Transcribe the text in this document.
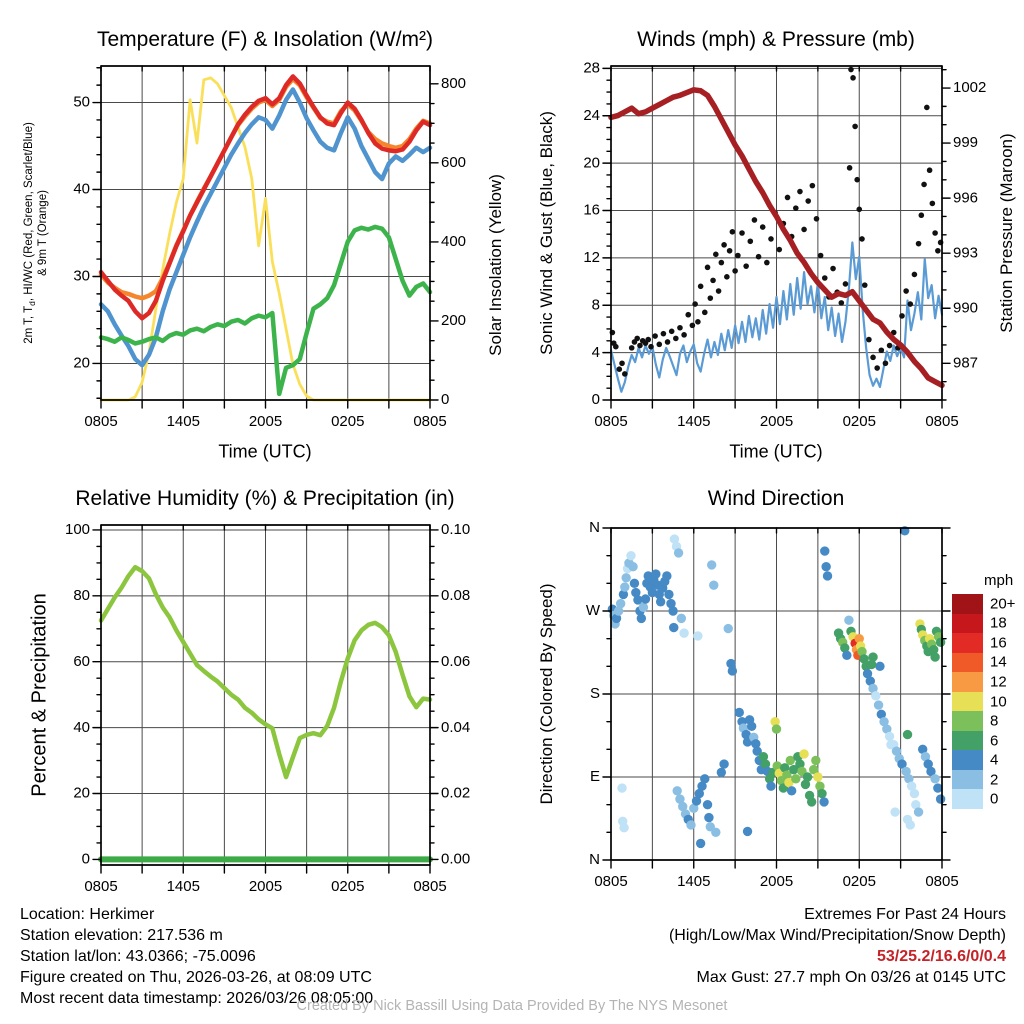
Temperature (F) & Insolation (W/m²)	Winds (mph) & Pressure (mb)
Relative Humidity (%) & Precipitation (in)	Wind Direction
Time (UTC)	Time (UTC)
2m T, $T_d$, HI/WC (Red, Green, Scarlet/Blue) & 9m T (Orange)	Solar Insolation (Yellow) Sonic Wind & Gust (Blue, Black)	Station Pressure (Maroon)
Percent & Precipitation	Direction (Colored By Speed)
mph
20+
18
16
14
12
10
8
6
4
2
0
Location: Herkimer
Station elevation: 217.536 m
Station lat/lon: 43.0366; -75.0096
Figure created on Thu, 2026-03-26, at 08:09 UTC
Most recent data timestamp: 2026/03/26 08:05:00
Extremes For Past 24 Hours
(High/Low/Max Wind/Precipitation/Snow Depth)
53/25.2/16.6/0/0.4
Max Gust: 27.7 mph On 03/26 at 0145 UTC
Created By Nick Bassill Using Data Provided By The NYS Mesonet
